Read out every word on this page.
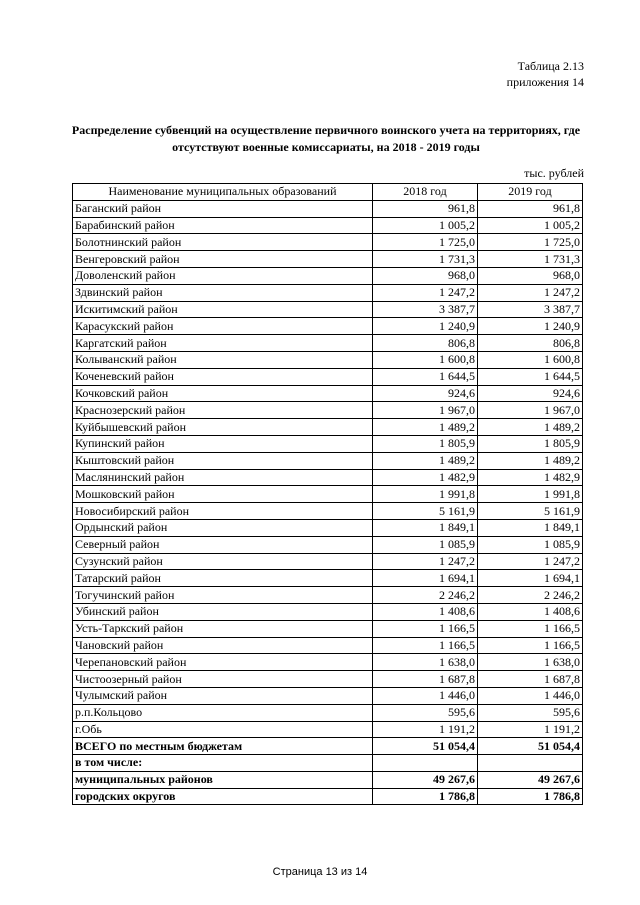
Таблица 2.13
приложения 14
Распределение субвенций на осуществление первичного воинского учета на территориях, где отсутствуют военные комиссариаты, на 2018 - 2019 годы
тыс. рублей
Наименование муниципальных образований	2018 год	2019 год
Баганский район	961,8	961,8
Барабинский район	1 005,2	1 005,2
Болотнинский район	1 725,0	1 725,0
Венгеровский район	1 731,3	1 731,3
Доволенский район	968,0	968,0
Здвинский район	1 247,2	1 247,2
Искитимский район	3 387,7	3 387,7
Карасукский район	1 240,9	1 240,9
Каргатский район	806,8	806,8
Колыванский район	1 600,8	1 600,8
Коченевский район	1 644,5	1 644,5
Кочковский район	924,6	924,6
Краснозерский район	1 967,0	1 967,0
Куйбышевский район	1 489,2	1 489,2
Купинский район	1 805,9	1 805,9
Кыштовский район	1 489,2	1 489,2
Маслянинский район	1 482,9	1 482,9
Мошковский район	1 991,8	1 991,8
Новосибирский район	5 161,9	5 161,9
Ордынский район	1 849,1	1 849,1
Северный район	1 085,9	1 085,9
Сузунский район	1 247,2	1 247,2
Татарский район	1 694,1	1 694,1
Тогучинский район	2 246,2	2 246,2
Убинский район	1 408,6	1 408,6
Усть-Таркский район	1 166,5	1 166,5
Чановский район	1 166,5	1 166,5
Черепановский район	1 638,0	1 638,0
Чистоозерный район	1 687,8	1 687,8
Чулымский район	1 446,0	1 446,0
р.п.Кольцово	595,6	595,6
г.Обь	1 191,2	1 191,2
ВСЕГО по местным бюджетам	51 054,4	51 054,4
в том числе:		
муниципальных районов	49 267,6	49 267,6
городских округов	1 786,8	1 786,8
Страница 13 из 14
